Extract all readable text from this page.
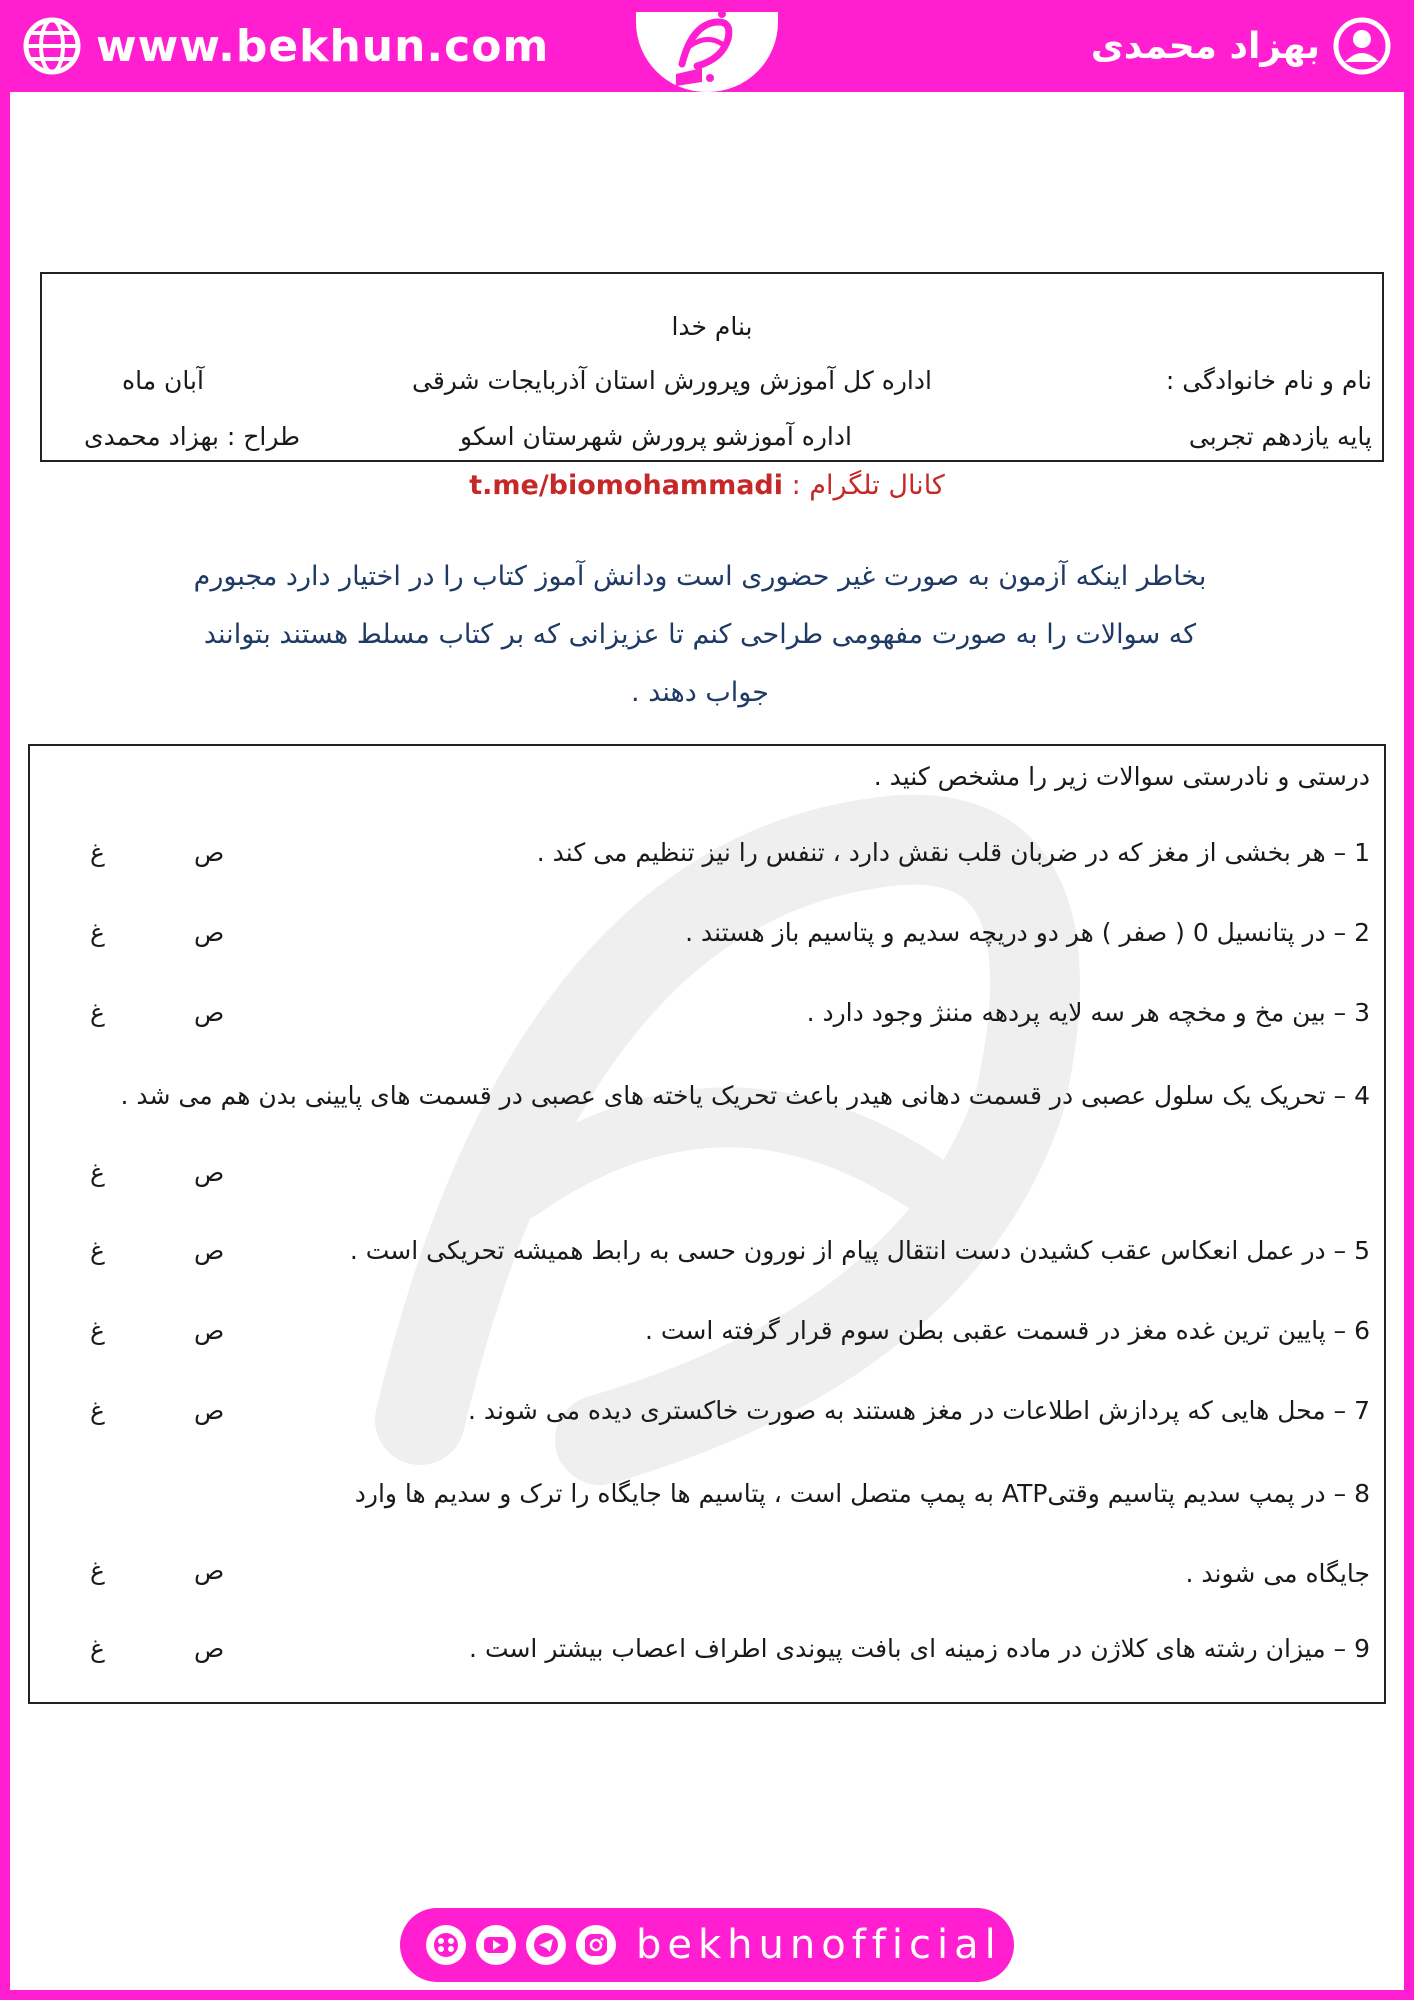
www.bekhun.com	بهزاد محمدی
بنام خدا
نام و نام خانوادگی :
اداره کل آموزش وپرورش استان آذربایجات شرقی
آبان ماه
پایه یازدهم تجربی
اداره آموزشو پرورش شهرستان اسکو
طراح : بهزاد محمدی
کانال تلگرام : t.me/biomohammadi
بخاطر اینکه آزمون به صورت غیر حضوری است ودانش آموز کتاب را در اختیار دارد مجبورم که سوالات را به صورت مفهومی طراحی کنم تا عزیزانی که بر کتاب مسلط هستند بتوانند جواب دهند .
درستی و نادرستی سوالات زیر را مشخص کنید .
1 – هر بخشی از مغز که در ضربان قلب نقش دارد ، تنفس را نیز تنظیم می کند .
ص
غ
2 – در پتانسیل 0 ( صفر ) هر دو دریچه سدیم و پتاسیم باز هستند .
ص
غ
3 – بین مخ و مخچه هر سه لایه پردهه مننژ وجود دارد .
ص
غ
4 – تحریک یک سلول عصبی در قسمت دهانی هیدر باعث تحریک یاخته های عصبی در قسمت های پایینی بدن هم می شد .
ص
غ
5 – در عمل انعکاس عقب کشیدن دست انتقال پیام از نورون حسی به رابط همیشه تحریکی است .
ص
غ
6 – پایین ترین غده مغز در قسمت عقبی بطن سوم قرار گرفته است .
ص
غ
7 – محل هایی که پردازش اطلاعات در مغز هستند به صورت خاکستری دیده می شوند .
ص
غ
8 – در پمپ سدیم پتاسیم وقتیATP به پمپ متصل است ، پتاسیم ها جایگاه را ترک و سدیم ها وارد جایگاه می شوند .
ص
غ
9 – میزان رشته های کلاژن در ماده زمینه ای بافت پیوندی اطراف اعصاب بیشتر است .
ص
غ
bekhunofficial
